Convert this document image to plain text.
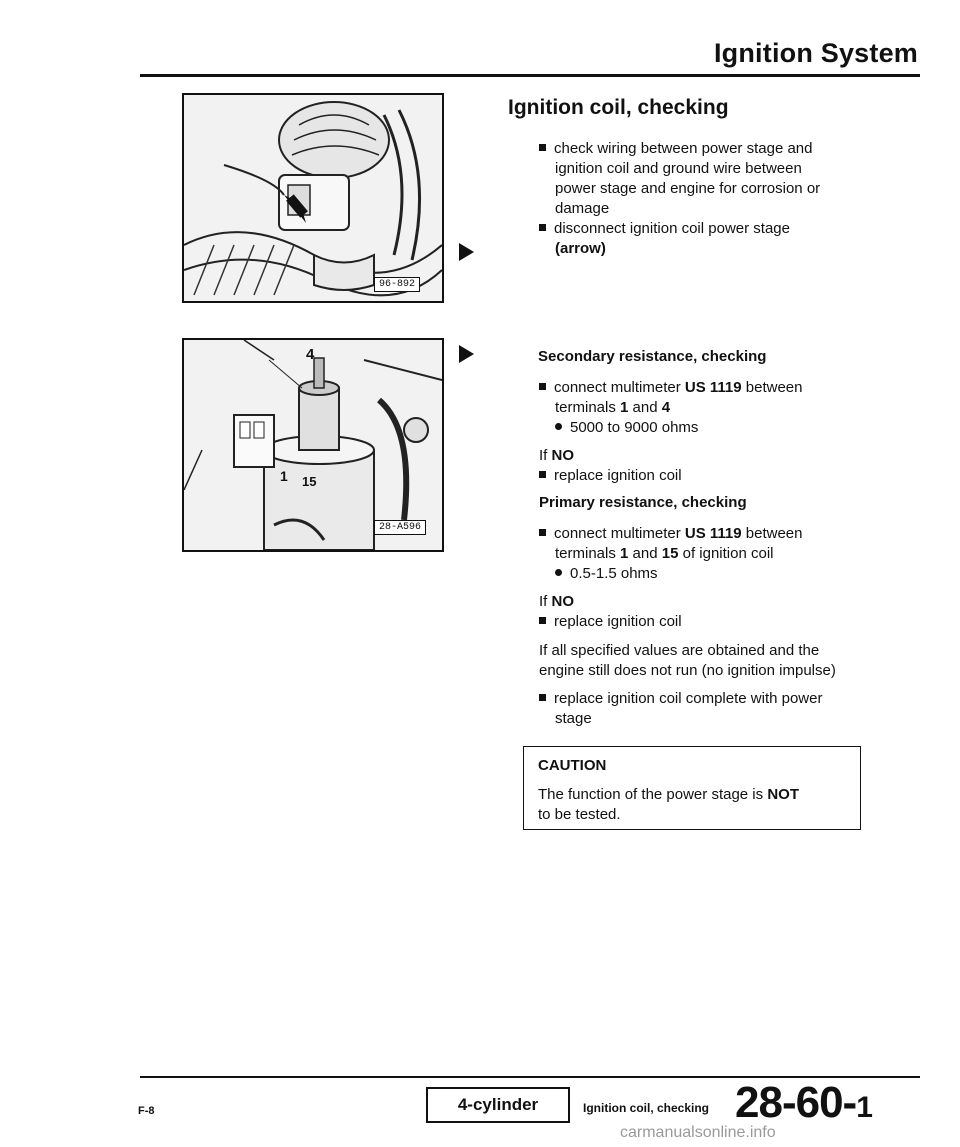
Ignition System
96-892
4
1 15
28-A596
Ignition coil, checking
check wiring between power stage and
ignition coil and ground wire between
power stage and engine for corrosion or
damage
disconnect ignition coil power stage
(arrow)
Secondary resistance, checking
connect multimeter US 1119 between
terminals 1 and 4
5000 to 9000 ohms
If NO
replace ignition coil
Primary resistance, checking
connect multimeter US 1119 between
terminals 1 and 15 of ignition coil
0.5-1.5 ohms
If NO
replace ignition coil
If all specified values are obtained and the
engine still does not run (no ignition impulse)
replace ignition coil complete with power
stage
CAUTION
The function of the power stage is NOT
to be tested.
F-8	4-cylinder	Ignition coil, checking 28-60-1
carmanualsonline.info
